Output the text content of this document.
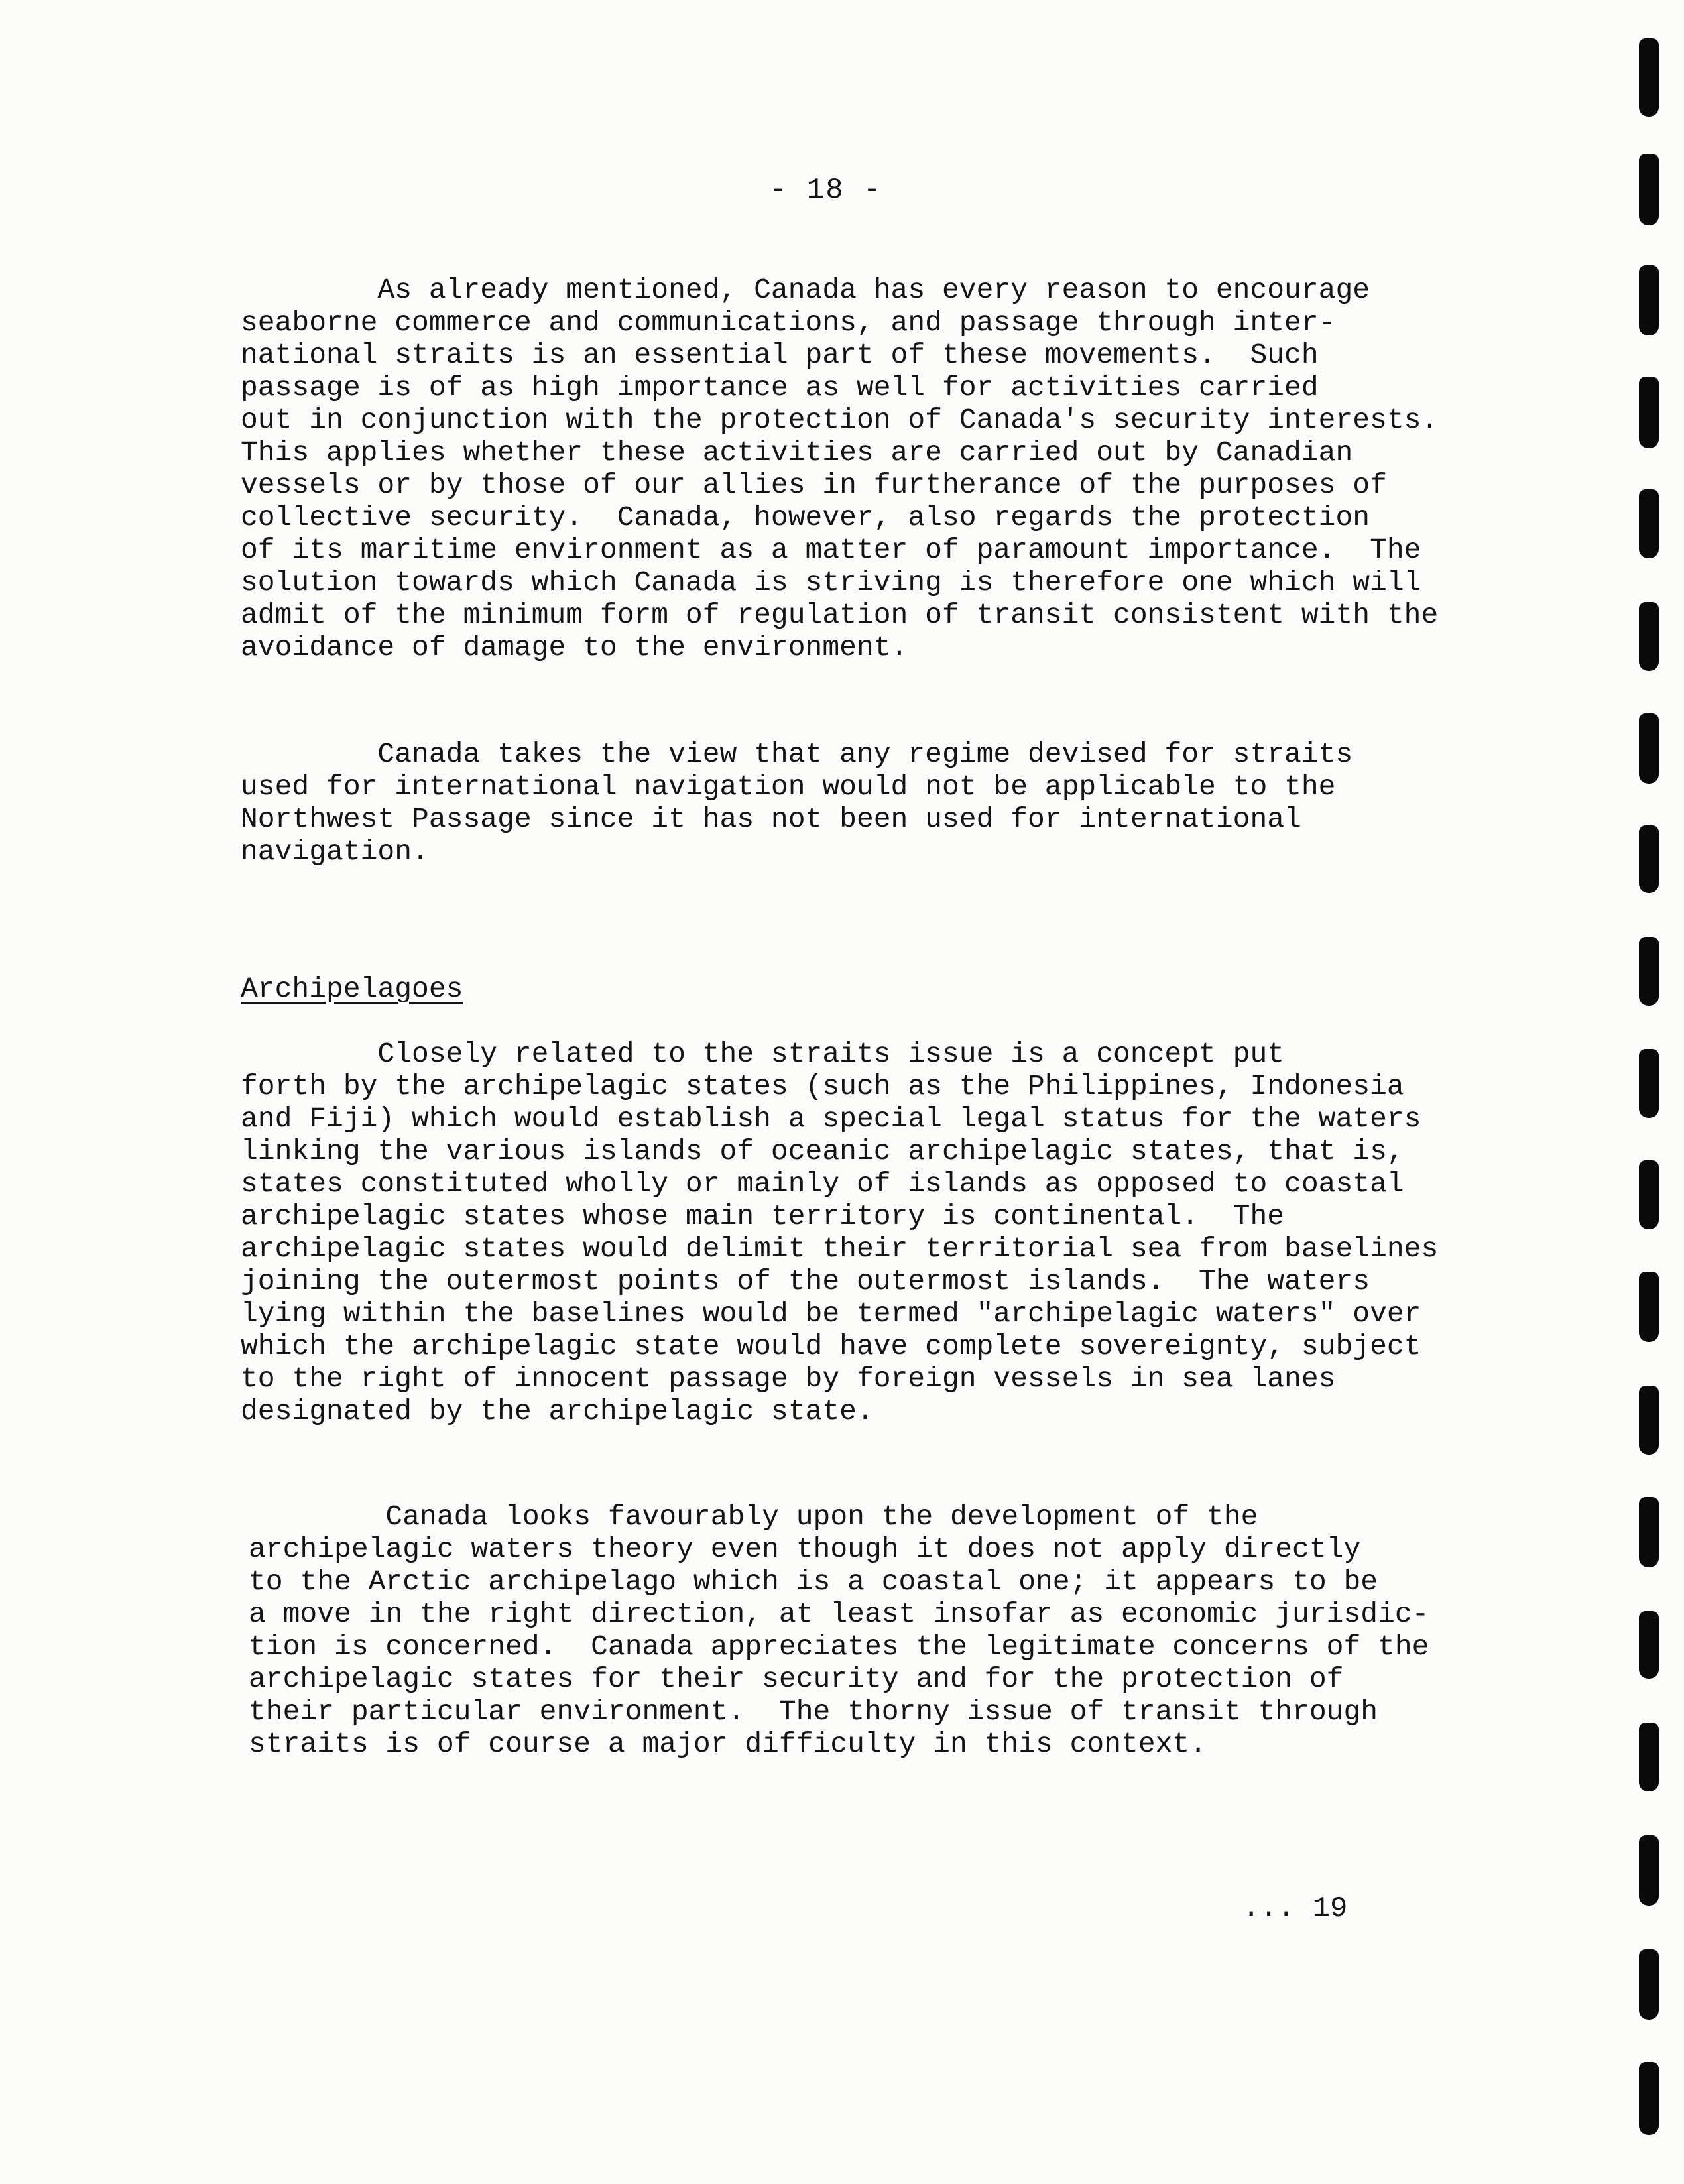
- 18 -

As already mentioned, Canada has every reason to encourage
seaborne commerce and communications, and passage through inter-
national straits is an essential part of these movements.  Such
passage is of as high importance as well for activities carried
out in conjunction with the protection of Canada's security interests.
This applies whether these activities are carried out by Canadian
vessels or by those of our allies in furtherance of the purposes of
collective security.  Canada, however, also regards the protection
of its maritime environment as a matter of paramount importance.  The
solution towards which Canada is striving is therefore one which will
admit of the minimum form of regulation of transit consistent with the
avoidance of damage to the environment.

Canada takes the view that any regime devised for straits
used for international navigation would not be applicable to the
Northwest Passage since it has not been used for international
navigation.

Archipelagoes

Closely related to the straits issue is a concept put
forth by the archipelagic states (such as the Philippines, Indonesia
and Fiji) which would establish a special legal status for the waters
linking the various islands of oceanic archipelagic states, that is,
states constituted wholly or mainly of islands as opposed to coastal
archipelagic states whose main territory is continental.  The
archipelagic states would delimit their territorial sea from baselines
joining the outermost points of the outermost islands.  The waters
lying within the baselines would be termed "archipelagic waters" over
which the archipelagic state would have complete sovereignty, subject
to the right of innocent passage by foreign vessels in sea lanes
designated by the archipelagic state.

Canada looks favourably upon the development of the
archipelagic waters theory even though it does not apply directly
to the Arctic archipelago which is a coastal one; it appears to be
a move in the right direction, at least insofar as economic jurisdic-
tion is concerned.  Canada appreciates the legitimate concerns of the
archipelagic states for their security and for the protection of
their particular environment.  The thorny issue of transit through
straits is of course a major difficulty in this context.

... 19
